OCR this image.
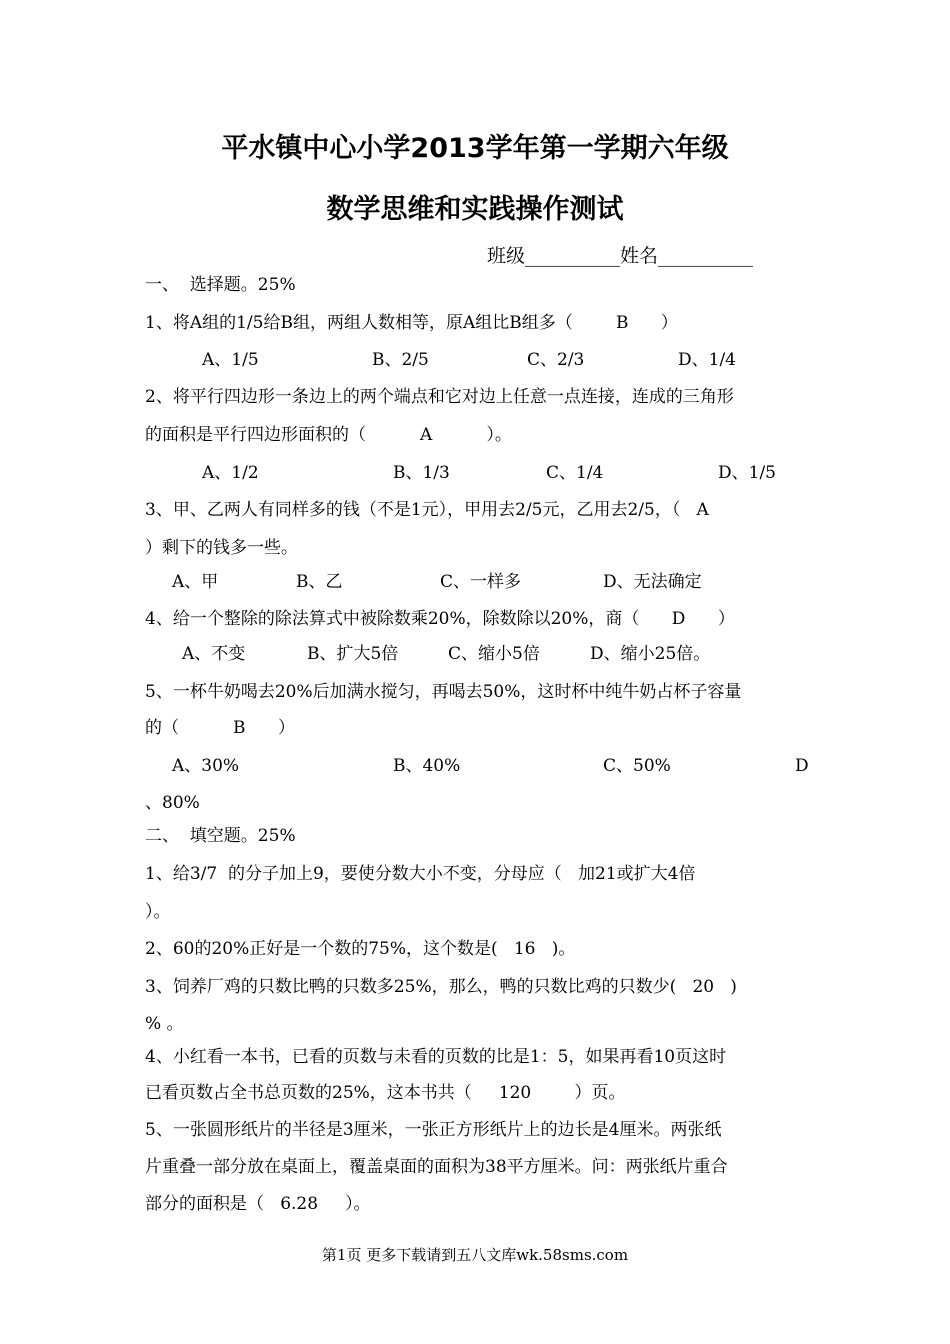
平水镇中心小学2013学年第一学期六年级
数学思维和实践操作测试
班级__________姓名__________
一、  选择题。25%
1、将A组的1/5给B组，两组人数相等，原A组比B组多（        B      ）
A、1/5	B、2/5	C、2/3	D、1/4
2、将平行四边形一条边上的两个端点和它对边上任意一点连接，连成的三角形
的面积是平行四边形面积的（          A          ）。
A、1/2	B、1/3	C、1/4	D、1/5
3、甲、乙两人有同样多的钱（不是1元），甲用去2/5元，乙用去2/5，（   A
）剩下的钱多一些。
A、甲	B、乙	C、一样多	D、无法确定
4、给一个整除的除法算式中被除数乘20%，除数除以20%，商（      D      ）
A、不变	B、扩大5倍	C、缩小5倍	D、缩小25倍。
5、一杯牛奶喝去20%后加满水搅匀，再喝去50%，这时杯中纯牛奶占杯子容量
的（          B      ）
A、30%	B、40%	C、50%	D
、80%
二、  填空题。25%
1、给3/7  的分子加上9，要使分数大小不变，分母应（   加21或扩大4倍
）。
2、60的20%正好是一个数的75%，这个数是(   16   )。
3、饲养厂鸡的只数比鸭的只数多25%，那么，鸭的只数比鸡的只数少(   20   )
% 。
4、小红看一本书，已看的页数与未看的页数的比是1：5，如果再看10页这时
已看页数占全书总页数的25%，这本书共（     120        ）页。
5、一张圆形纸片的半径是3厘米，一张正方形纸片上的边长是4厘米。两张纸
片重叠一部分放在桌面上，覆盖桌面的面积为38平方厘米。问：两张纸片重合
部分的面积是（   6.28     ）。
第1页 更多下载请到五八文库wk.58sms.com
